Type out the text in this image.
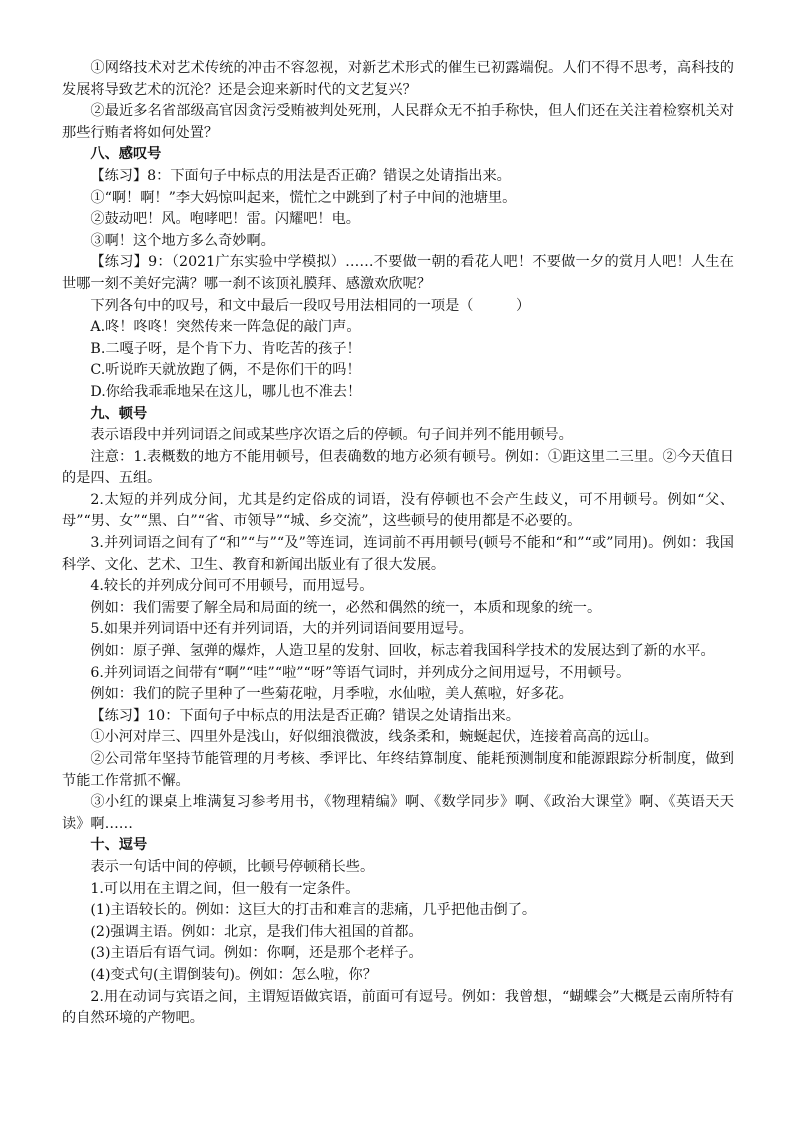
①网络技术对艺术传统的冲击不容忽视，对新艺术形式的催生已初露端倪。人们不得不思考，高科技的发展将导致艺术的沉沦？还是会迎来新时代的文艺复兴？

②最近多名省部级高官因贪污受贿被判处死刑，人民群众无不拍手称快，但人们还在关注着检察机关对那些行贿者将如何处置？

八、感叹号

【练习】8：下面句子中标点的用法是否正确？错误之处请指出来。

①“啊！啊！”李大妈惊叫起来，慌忙之中跳到了村子中间的池塘里。

②鼓动吧！风。咆哮吧！雷。闪耀吧！电。

③啊！这个地方多么奇妙啊。

【练习】9：（2021广东实验中学模拟）……不要做一朝的看花人吧！不要做一夕的赏月人吧！人生在世哪一刻不美好完满？哪一刹不该顶礼膜拜、感激欢欣呢？

下列各句中的叹号，和文中最后一段叹号用法相同的一项是（　　　）

A.咚！咚咚！突然传来一阵急促的敲门声。

B.二嘎子呀，是个肯下力、肯吃苦的孩子！

C.听说昨天就放跑了俩，不是你们干的吗！

D.你给我乖乖地呆在这儿，哪儿也不准去！

九、顿号

表示语段中并列词语之间或某些序次语之后的停顿。句子间并列不能用顿号。

注意：1.表概数的地方不能用顿号，但表确数的地方必须有顿号。例如：①距这里二三里。②今天值日的是四、五组。

2.太短的并列成分间，尤其是约定俗成的词语，没有停顿也不会产生歧义，可不用顿号。例如“父、母”“男、女”“黑、白”“省、市领导”“城、乡交流”，这些顿号的使用都是不必要的。

3.并列词语之间有了“和”“与”“及”等连词，连词前不再用顿号(顿号不能和“和”“或”同用)。例如：我国科学、文化、艺术、卫生、教育和新闻出版业有了很大发展。

4.较长的并列成分间可不用顿号，而用逗号。

例如：我们需要了解全局和局面的统一，必然和偶然的统一，本质和现象的统一。

5.如果并列词语中还有并列词语，大的并列词语间要用逗号。

例如：原子弹、氢弹的爆炸，人造卫星的发射、回收，标志着我国科学技术的发展达到了新的水平。

6.并列词语之间带有“啊”“哇”“啦”“呀”等语气词时，并列成分之间用逗号，不用顿号。

例如：我们的院子里种了一些菊花啦，月季啦，水仙啦，美人蕉啦，好多花。

【练习】10：下面句子中标点的用法是否正确？错误之处请指出来。

①小河对岸三、四里外是浅山，好似细浪微波，线条柔和，蜿蜒起伏，连接着高高的远山。

②公司常年坚持节能管理的月考核、季评比、年终结算制度、能耗预测制度和能源跟踪分析制度，做到节能工作常抓不懈。

③小红的课桌上堆满复习参考用书，《物理精编》啊、《数学同步》啊、《政治大课堂》啊、《英语天天读》啊……

十、逗号

表示一句话中间的停顿，比顿号停顿稍长些。

1.可以用在主谓之间，但一般有一定条件。

(1)主语较长的。例如：这巨大的打击和难言的悲痛，几乎把他击倒了。

(2)强调主语。例如：北京，是我们伟大祖国的首都。

(3)主语后有语气词。例如：你啊，还是那个老样子。

(4)变式句(主谓倒装句)。例如：怎么啦，你？

2.用在动词与宾语之间，主谓短语做宾语，前面可有逗号。例如：我曾想，“蝴蝶会”大概是云南所特有的自然环境的产物吧。
